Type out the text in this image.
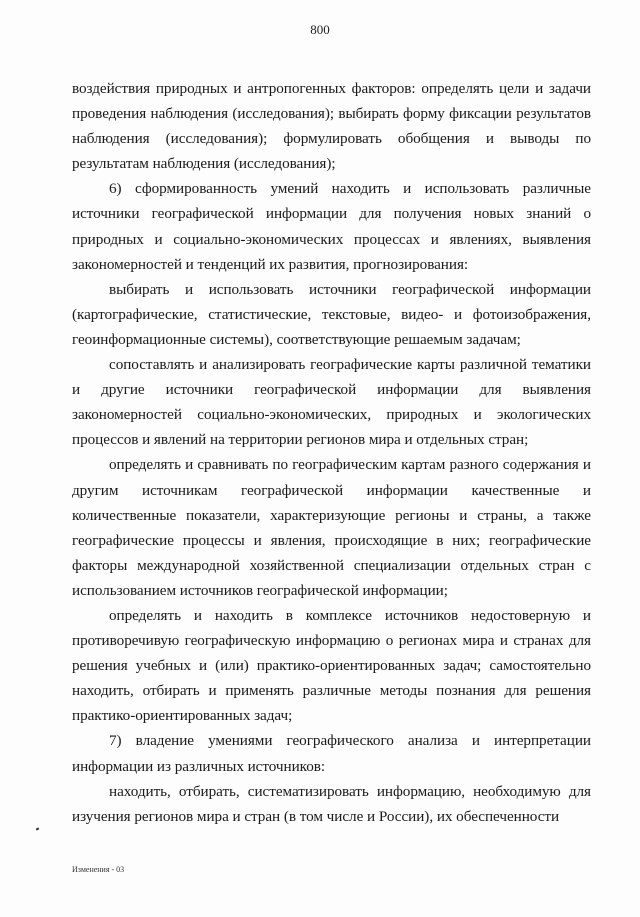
800

воздействия природных и антропогенных факторов: определять цели и задачи проведения наблюдения (исследования); выбирать форму фиксации результатов наблюдения (исследования); формулировать обобщения и выводы по результатам наблюдения (исследования);

6) сформированность умений находить и использовать различные источники географической информации для получения новых знаний о природных и социально-экономических процессах и явлениях, выявления закономерностей и тенденций их развития, прогнозирования:

выбирать и использовать источники географической информации (картографические, статистические, текстовые, видео- и фотоизображения, геоинформационные системы), соответствующие решаемым задачам;

сопоставлять и анализировать географические карты различной тематики и другие источники географической информации для выявления закономерностей социально-экономических, природных и экологических процессов и явлений на территории регионов мира и отдельных стран;

определять и сравнивать по географическим картам разного содержания и другим источникам географической информации качественные и количественные показатели, характеризующие регионы и страны, а также географические процессы и явления, происходящие в них; географические факторы международной хозяйственной специализации отдельных стран с использованием источников географической информации;

определять и находить в комплексе источников недостоверную и противоречивую географическую информацию о регионах мира и странах для решения учебных и (или) практико-ориентированных задач; самостоятельно находить, отбирать и применять различные методы познания для решения практико-ориентированных задач;

7) владение умениями географического анализа и интерпретации информации из различных источников:

находить, отбирать, систематизировать информацию, необходимую для изучения регионов мира и стран (в том числе и России), их обеспеченности

Изменения - 03
